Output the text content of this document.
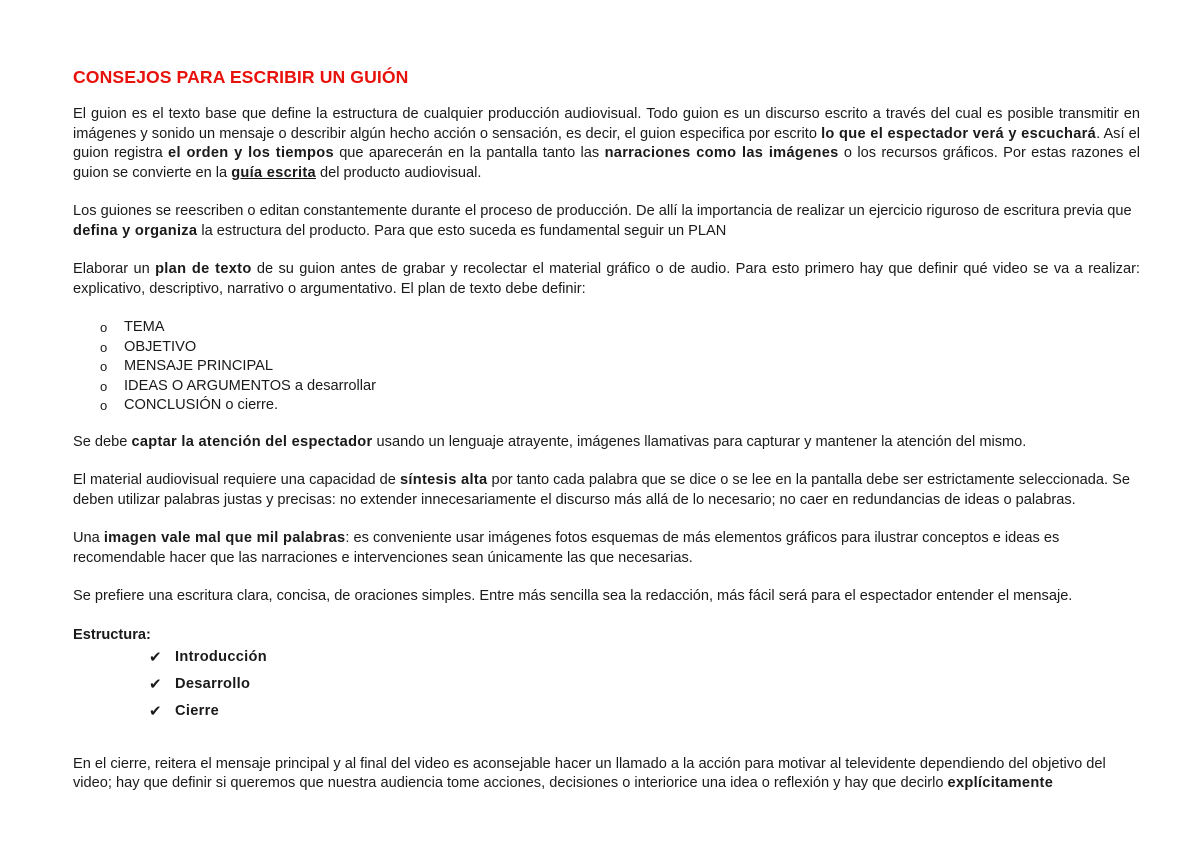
CONSEJOS PARA ESCRIBIR UN GUIÓN

El guion es el texto base que define la estructura de cualquier producción audiovisual. Todo guion es un discurso escrito a través del cual es posible transmitir en imágenes y sonido un mensaje o describir algún hecho acción o sensación, es decir, el guion especifica por escrito lo que el espectador verá y escuchará. Así el guion registra el orden y los tiempos que aparecerán en la pantalla tanto las narraciones como las imágenes o los recursos gráficos. Por estas razones el guion se convierte en la guía escrita del producto audiovisual.

Los guiones se reescriben o editan constantemente durante el proceso de producción. De allí la importancia de realizar un ejercicio riguroso de escritura previa que defina y organiza la estructura del producto. Para que esto suceda es fundamental seguir un PLAN

Elaborar un plan de texto de su guion antes de grabar y recolectar el material gráfico o de audio. Para esto primero hay que definir qué video se va a realizar: explicativo, descriptivo, narrativo o argumentativo. El plan de texto debe definir:

o TEMA
o OBJETIVO
o MENSAJE PRINCIPAL
o IDEAS O ARGUMENTOS a desarrollar
o CONCLUSIÓN o cierre.

Se debe captar la atención del espectador usando un lenguaje atrayente, imágenes llamativas para capturar y mantener la atención del mismo.

El material audiovisual requiere una capacidad de síntesis alta por tanto cada palabra que se dice o se lee en la pantalla debe ser estrictamente seleccionada. Se deben utilizar palabras justas y precisas: no extender innecesariamente el discurso más allá de lo necesario; no caer en redundancias de ideas o palabras.

Una imagen vale mal que mil palabras: es conveniente usar imágenes fotos esquemas de más elementos gráficos para ilustrar conceptos e ideas es recomendable hacer que las narraciones e intervenciones sean únicamente las que necesarias.

Se prefiere una escritura clara, concisa, de oraciones simples. Entre más sencilla sea la redacción, más fácil será para el espectador entender el mensaje.

Estructura:
✔ Introducción
✔ Desarrollo
✔ Cierre

En el cierre, reitera el mensaje principal y al final del video es aconsejable hacer un llamado a la acción para motivar al televidente dependiendo del objetivo del video; hay que definir si queremos que nuestra audiencia tome acciones, decisiones o interiorice una idea o reflexión y hay que decirlo explícitamente
